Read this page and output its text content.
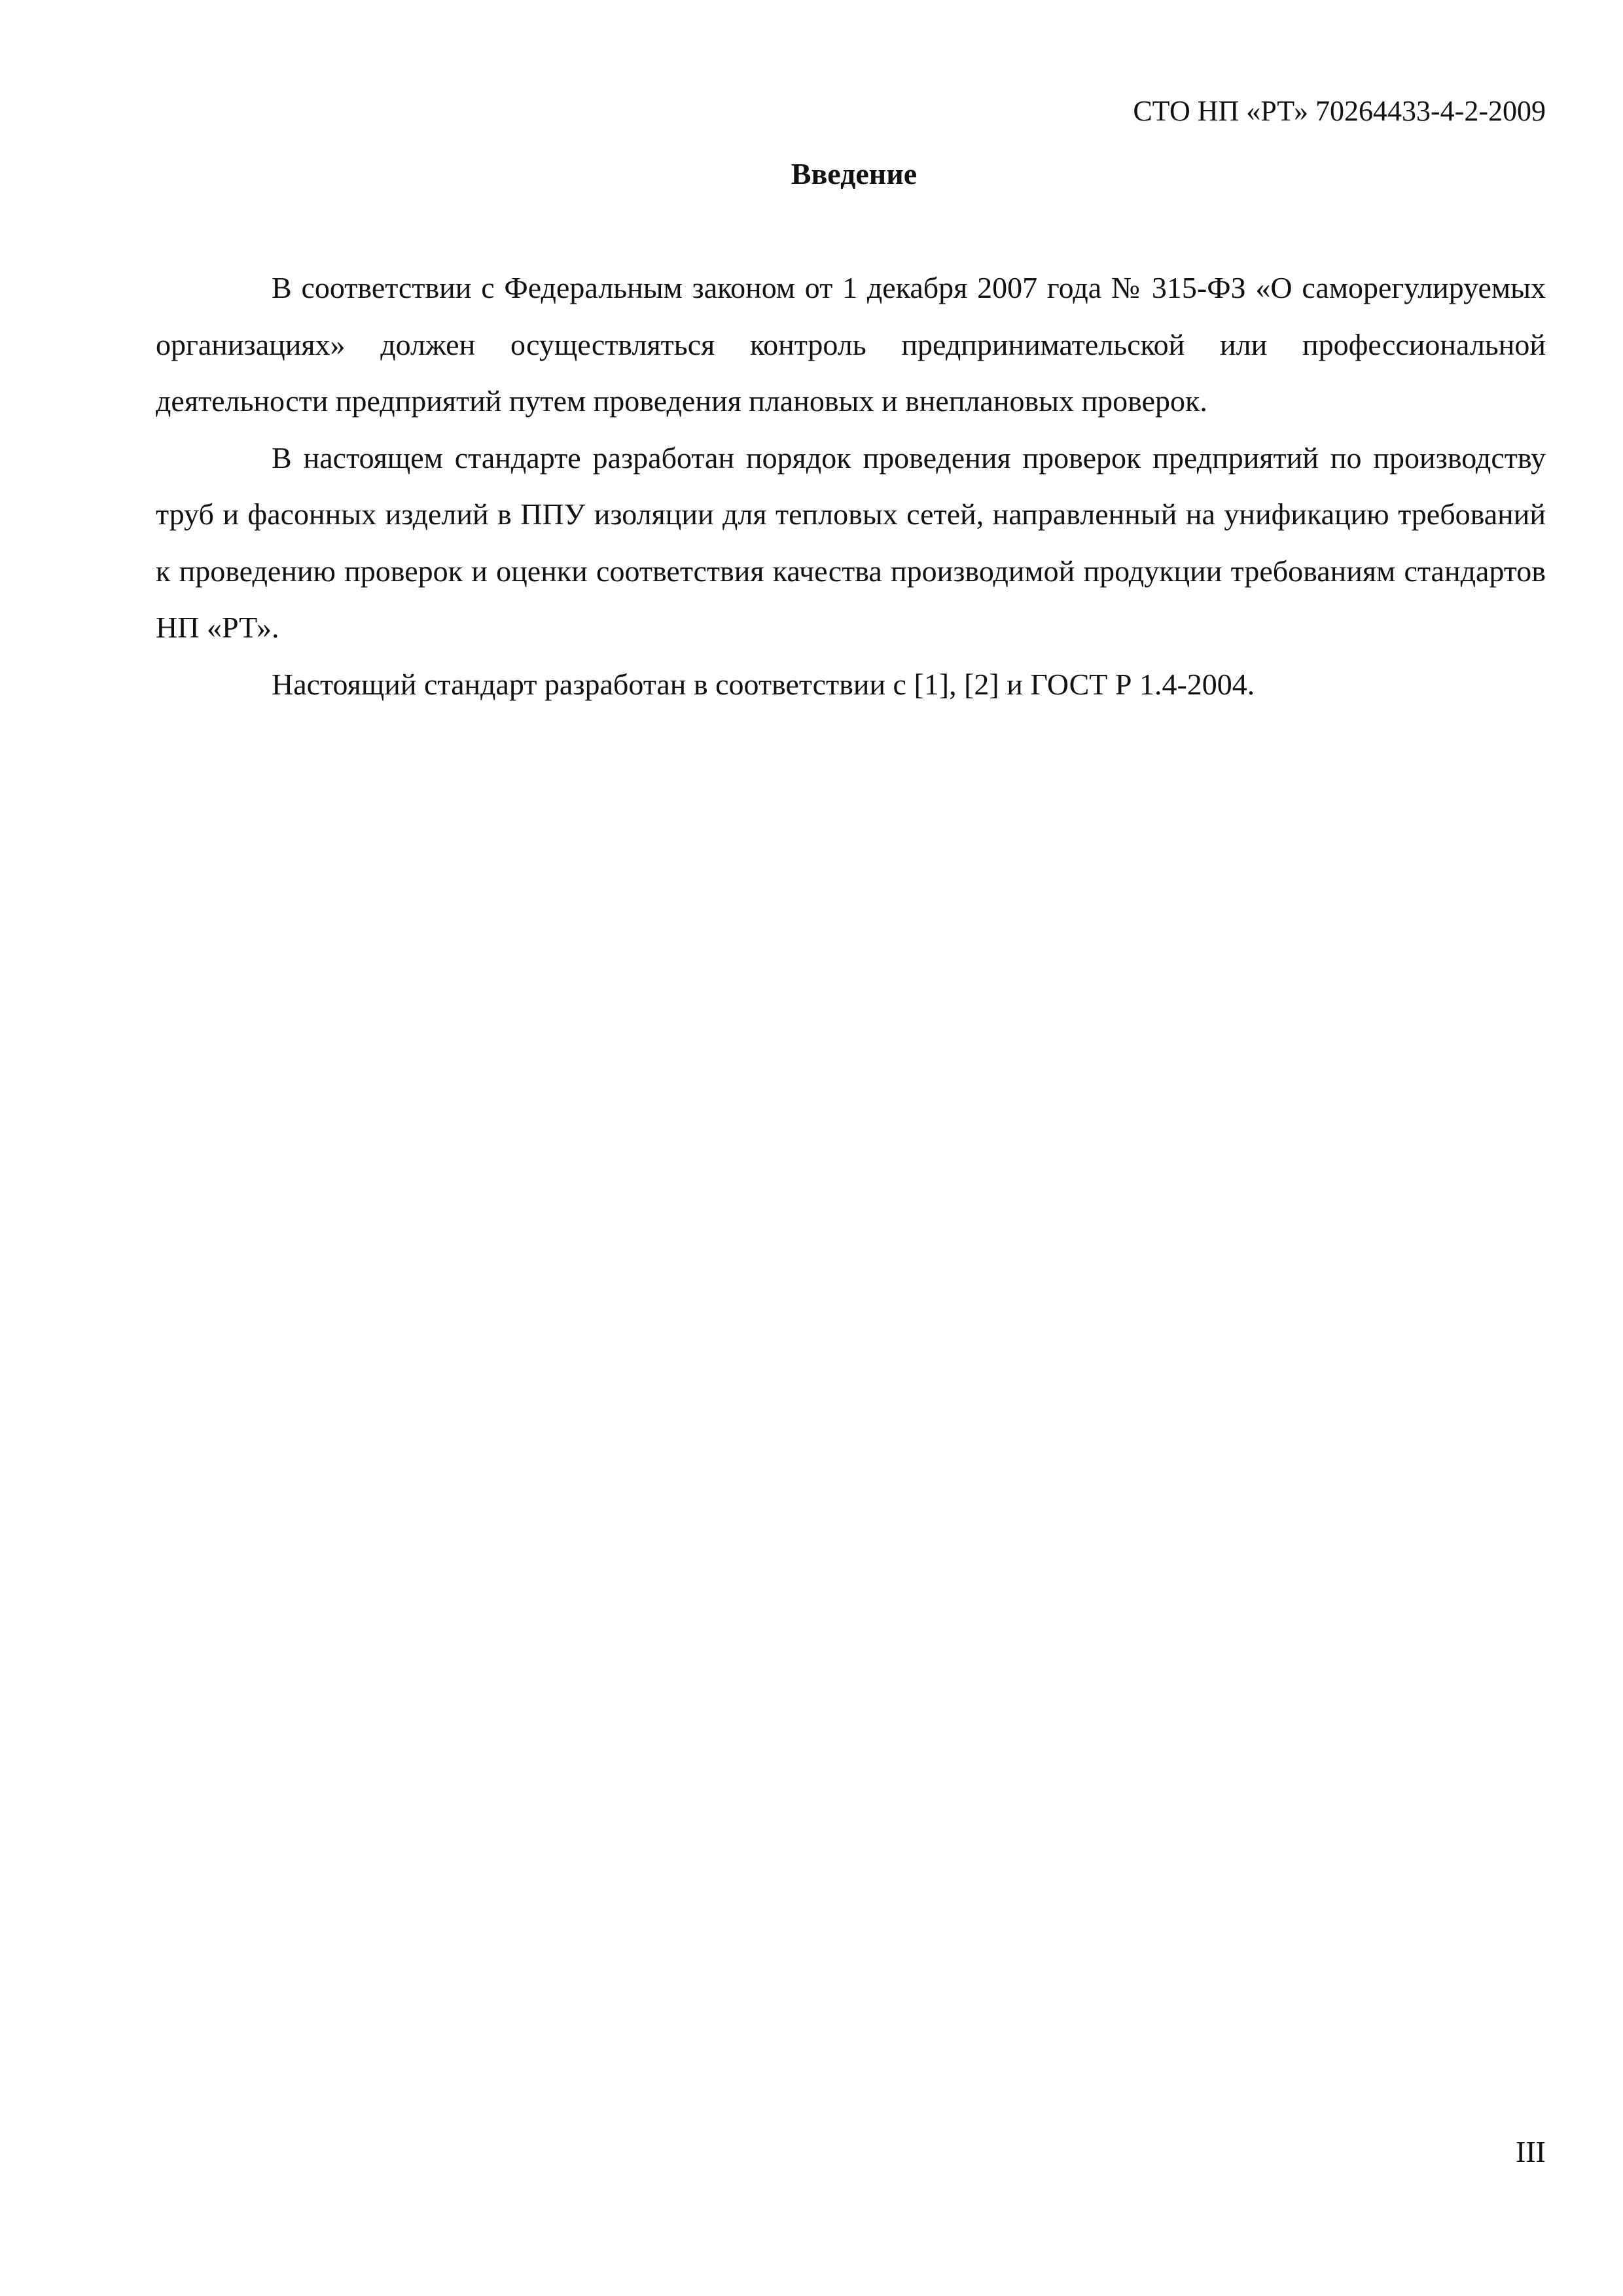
СТО НП «РТ» 70264433-4-2-2009
Введение

В соответствии с Федеральным законом от 1 декабря 2007 года № 315-ФЗ «О саморегулируемых организациях» должен осуществляться контроль предпринимательской или профессиональной деятельности предприятий путем проведения плановых и внеплановых проверок.

В настоящем стандарте разработан порядок проведения проверок предприятий по производству труб и фасонных изделий в ППУ изоляции для тепловых сетей, направленный на унификацию требований к проведению проверок и оценки соответствия качества производимой продукции требованиям стандартов НП «РТ».

Настоящий стандарт разработан в соответствии с [1], [2] и ГОСТ Р 1.4-2004.

III
